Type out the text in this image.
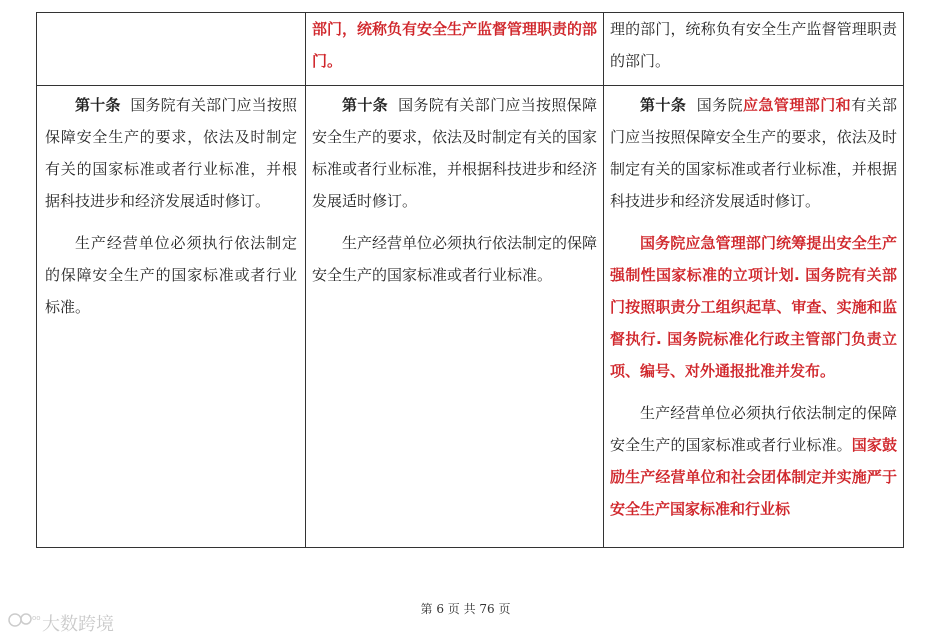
部门，统称负有安全生产监督管理职责的部门。
理的部门，统称负有安全生产监督管理职责的部门。

第十条 国务院有关部门应当按照保障安全生产的要求，依法及时制定有关的国家标准或者行业标准，并根据科技进步和经济发展适时修订。

生产经营单位必须执行依法制定的保障安全生产的国家标准或者行业标准。

第十条 国务院有关部门应当按照保障安全生产的要求，依法及时制定有关的国家标准或者行业标准，并根据科技进步和经济发展适时修订。

生产经营单位必须执行依法制定的保障安全生产的国家标准或者行业标准。

第十条 国务院应急管理部门和有关部门应当按照保障安全生产的要求，依法及时制定有关的国家标准或者行业标准，并根据科技进步和经济发展适时修订。

国务院应急管理部门统筹提出安全生产强制性国家标准的立项计划. 国务院有关部门按照职责分工组织起草、审查、实施和监督执行. 国务院标准化行政主管部门负责立项、编号、对外通报批准并发布。

生产经营单位必须执行依法制定的保障安全生产的国家标准或者行业标准。国家鼓励生产经营单位和社会团体制定并实施严于安全生产国家标准和行业标

第 6 页 共 76 页
oo 大数跨境
